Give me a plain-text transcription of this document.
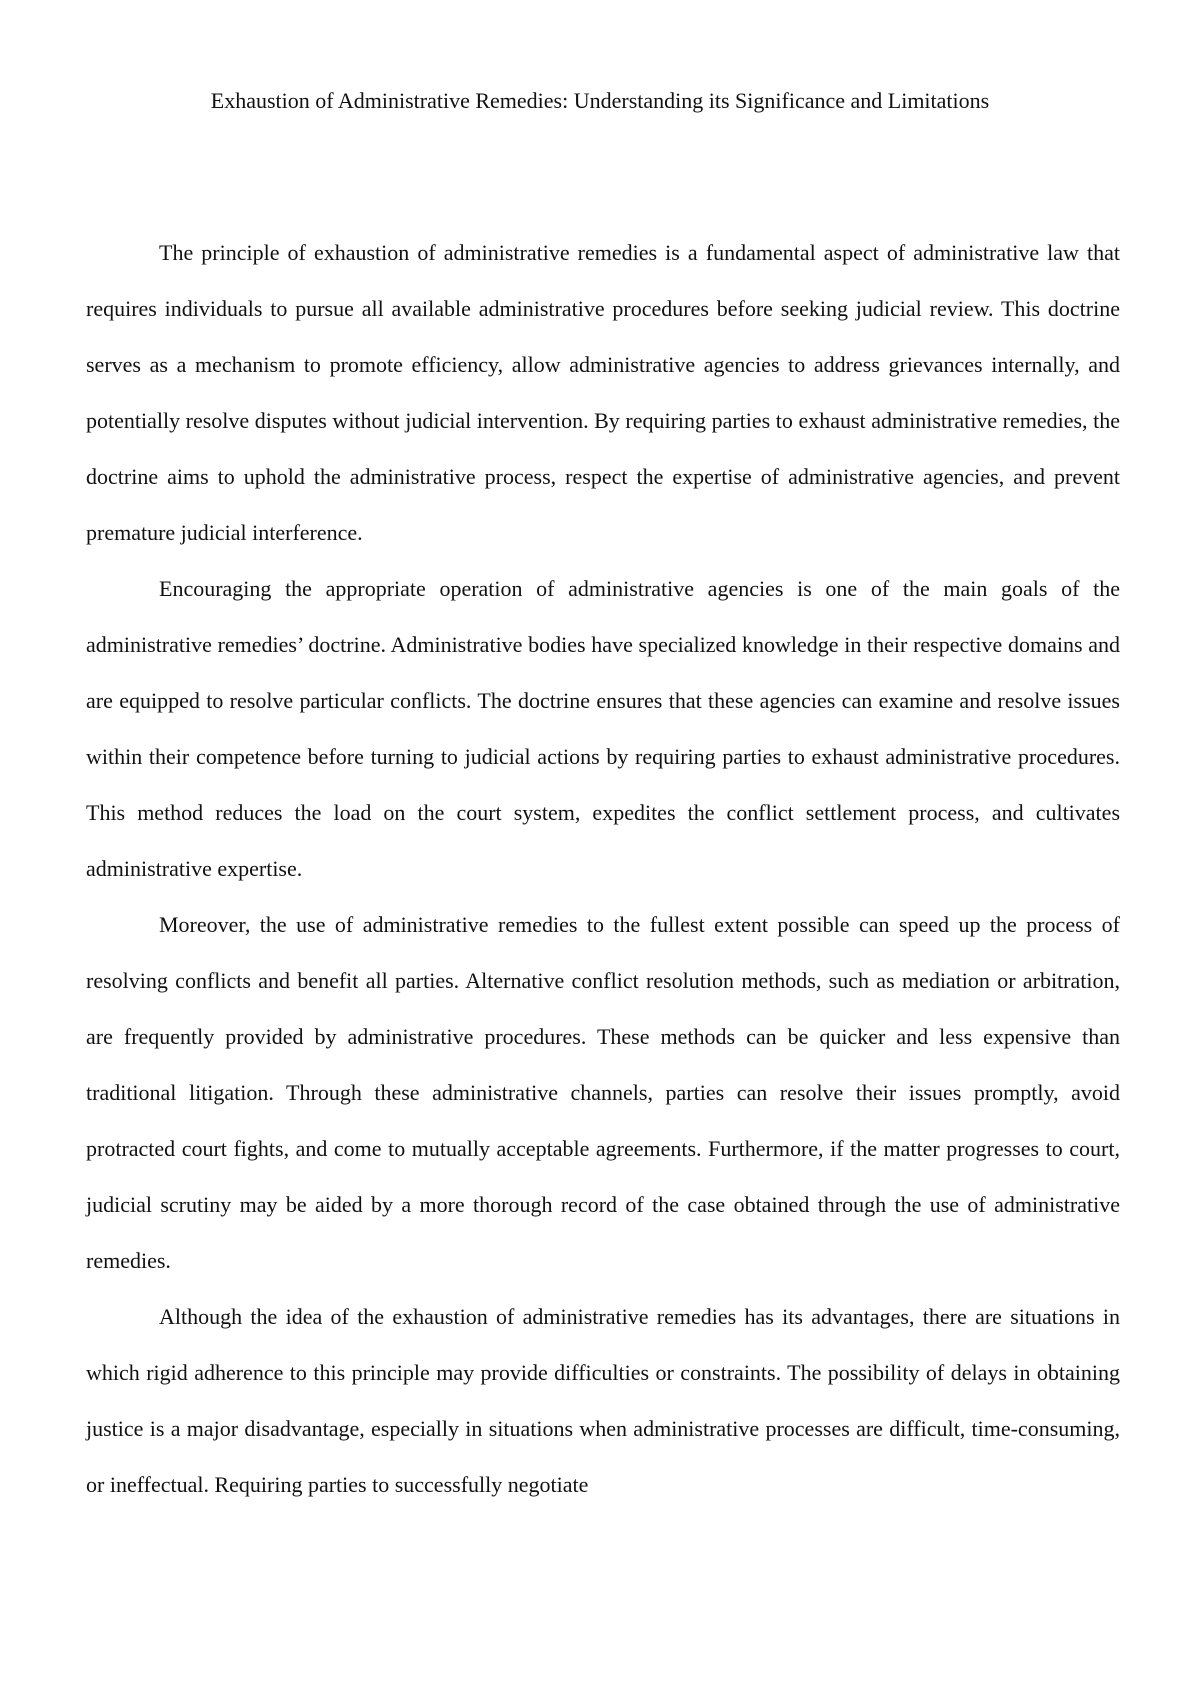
Exhaustion of Administrative Remedies: Understanding its Significance and Limitations

The principle of exhaustion of administrative remedies is a fundamental aspect of administrative law that requires individuals to pursue all available administrative procedures before seeking judicial review. This doctrine serves as a mechanism to promote efficiency, allow administrative agencies to address grievances internally, and potentially resolve disputes without judicial intervention. By requiring parties to exhaust administrative remedies, the doctrine aims to uphold the administrative process, respect the expertise of administrative agencies, and prevent premature judicial interference.

Encouraging the appropriate operation of administrative agencies is one of the main goals of the administrative remedies’ doctrine. Administrative bodies have specialized knowledge in their respective domains and are equipped to resolve particular conflicts. The doctrine ensures that these agencies can examine and resolve issues within their competence before turning to judicial actions by requiring parties to exhaust administrative procedures. This method reduces the load on the court system, expedites the conflict settlement process, and cultivates administrative expertise.

Moreover, the use of administrative remedies to the fullest extent possible can speed up the process of resolving conflicts and benefit all parties. Alternative conflict resolution methods, such as mediation or arbitration, are frequently provided by administrative procedures. These methods can be quicker and less expensive than traditional litigation. Through these administrative channels, parties can resolve their issues promptly, avoid protracted court fights, and come to mutually acceptable agreements. Furthermore, if the matter progresses to court, judicial scrutiny may be aided by a more thorough record of the case obtained through the use of administrative remedies.

Although the idea of the exhaustion of administrative remedies has its advantages, there are situations in which rigid adherence to this principle may provide difficulties or constraints. The possibility of delays in obtaining justice is a major disadvantage, especially in situations when administrative processes are difficult, time-consuming, or ineffectual. Requiring parties to successfully negotiate
